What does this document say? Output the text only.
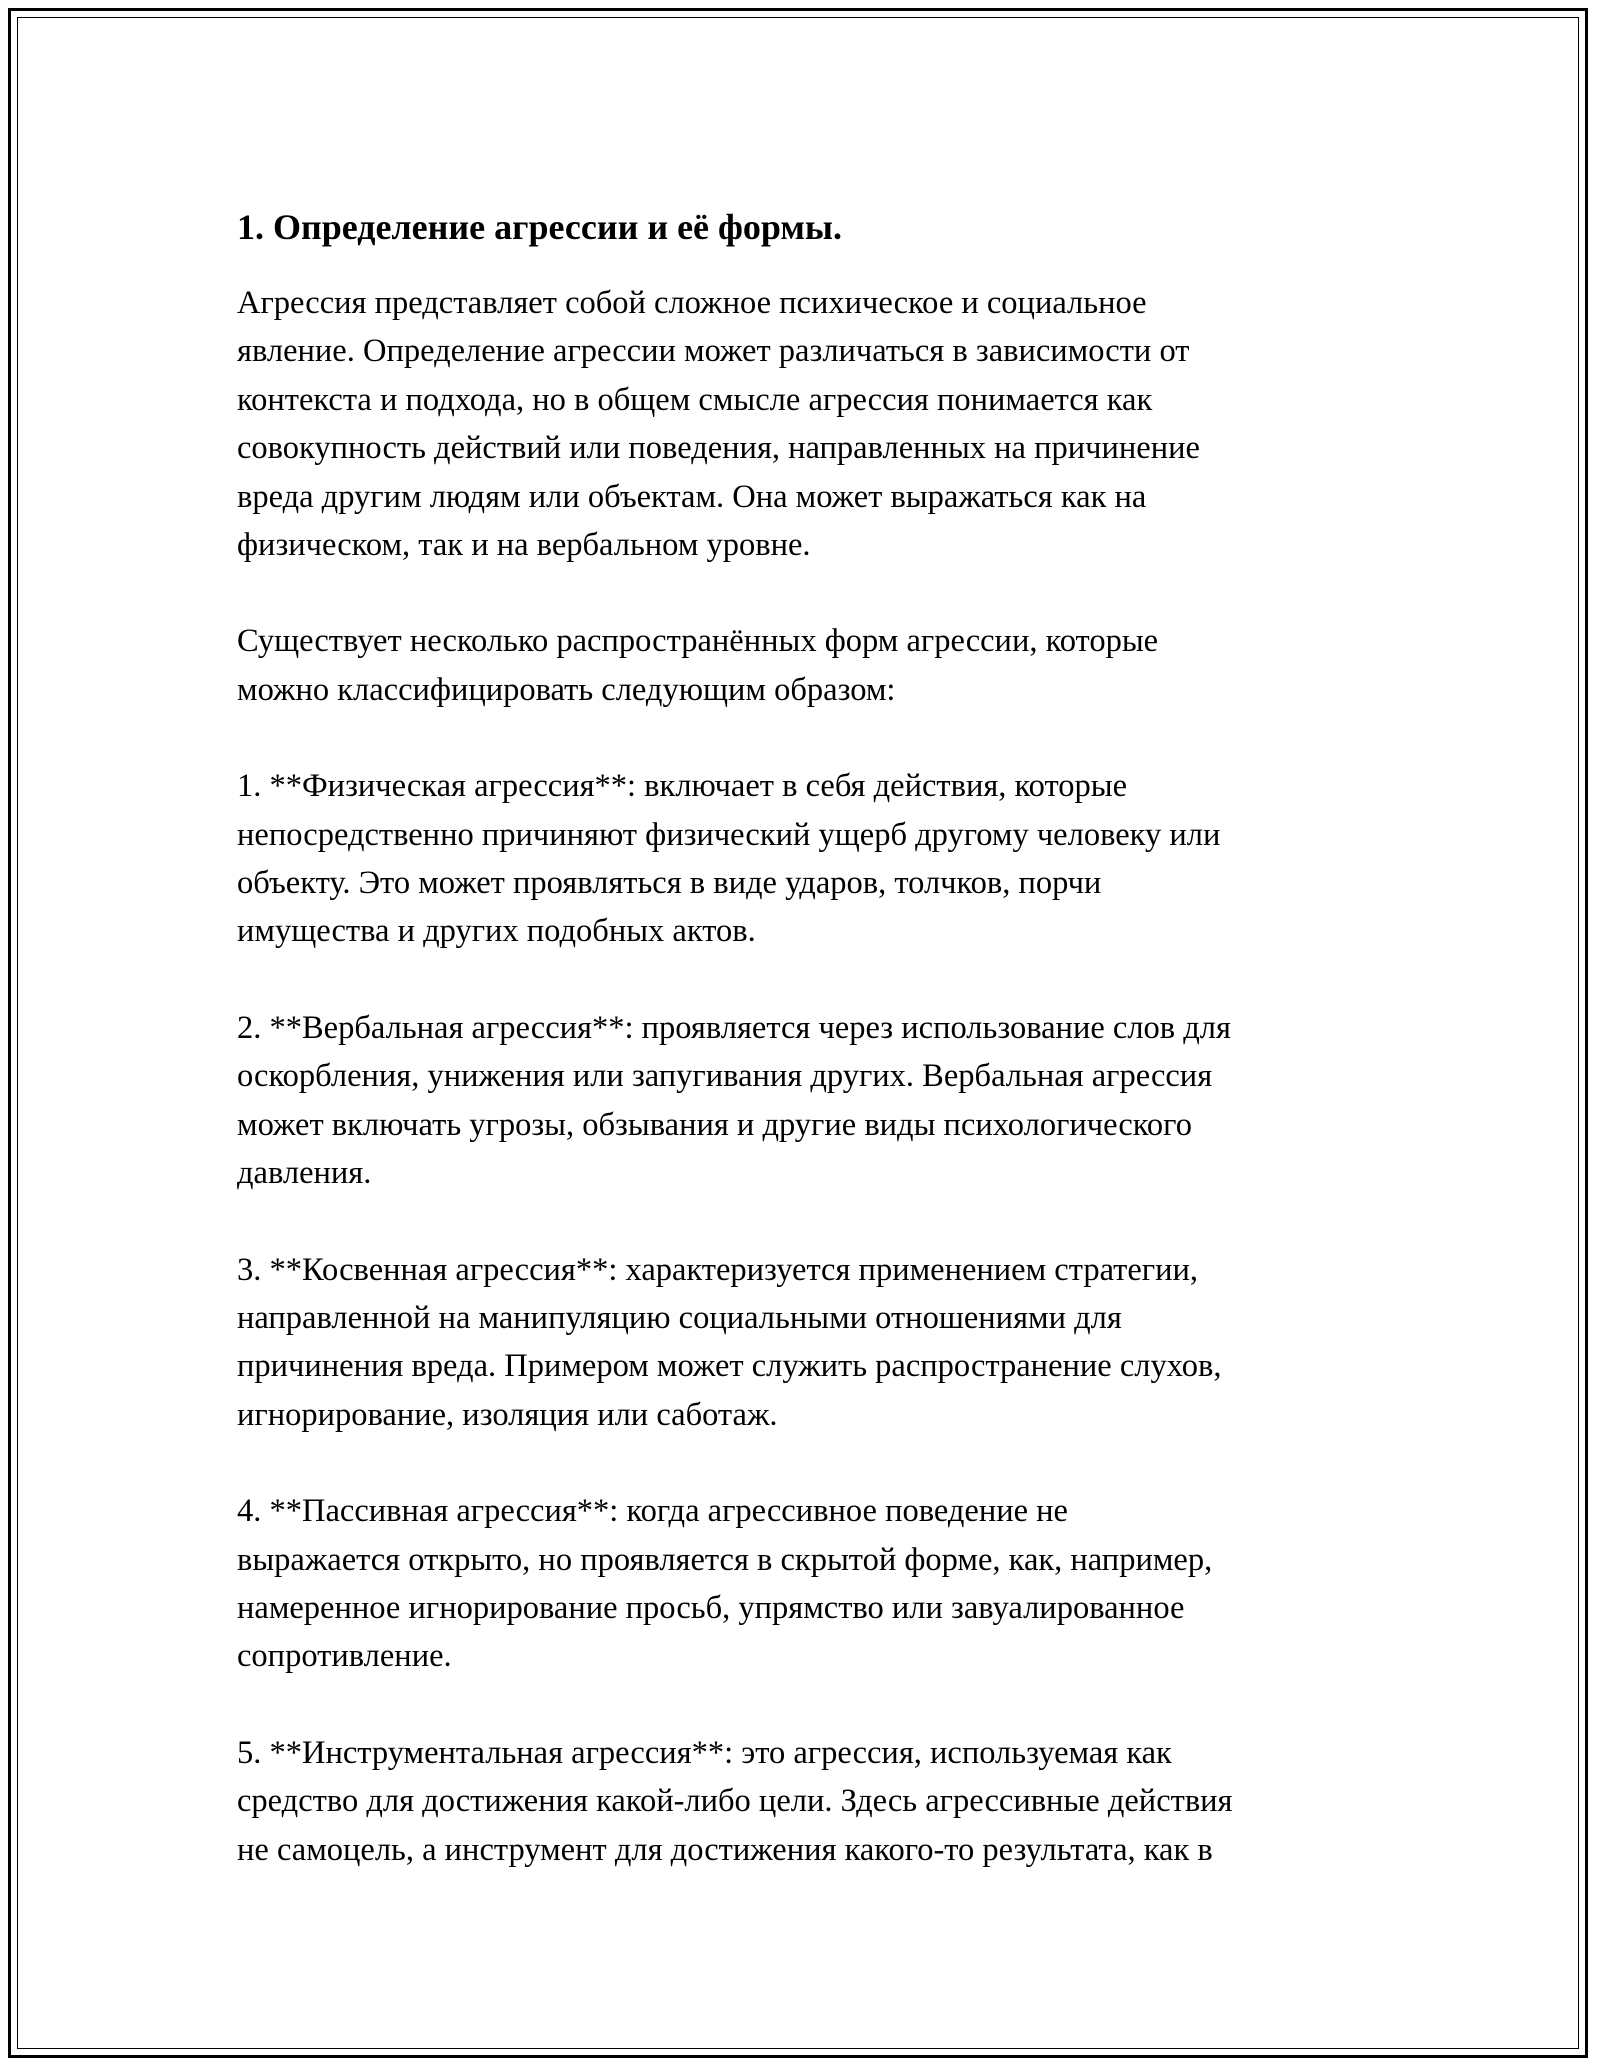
1. Определение агрессии и её формы.
Агрессия представляет собой сложное психическое и социальное
явление. Определение агрессии может различаться в зависимости от
контекста и подхода, но в общем смысле агрессия понимается как
совокупность действий или поведения, направленных на причинение
вреда другим людям или объектам. Она может выражаться как на
физическом, так и на вербальном уровне.
Существует несколько распространённых форм агрессии, которые
можно классифицировать следующим образом:
1. **Физическая агрессия**: включает в себя действия, которые
непосредственно причиняют физический ущерб другому человеку или
объекту. Это может проявляться в виде ударов, толчков, порчи
имущества и других подобных актов.
2. **Вербальная агрессия**: проявляется через использование слов для
оскорбления, унижения или запугивания других. Вербальная агрессия
может включать угрозы, обзывания и другие виды психологического
давления.
3. **Косвенная агрессия**: характеризуется применением стратегии,
направленной на манипуляцию социальными отношениями для
причинения вреда. Примером может служить распространение слухов,
игнорирование, изоляция или саботаж.
4. **Пассивная агрессия**: когда агрессивное поведение не
выражается открыто, но проявляется в скрытой форме, как, например,
намеренное игнорирование просьб, упрямство или завуалированное
сопротивление.
5. **Инструментальная агрессия**: это агрессия, используемая как
средство для достижения какой-либо цели. Здесь агрессивные действия
не самоцель, а инструмент для достижения какого-то результата, как в
